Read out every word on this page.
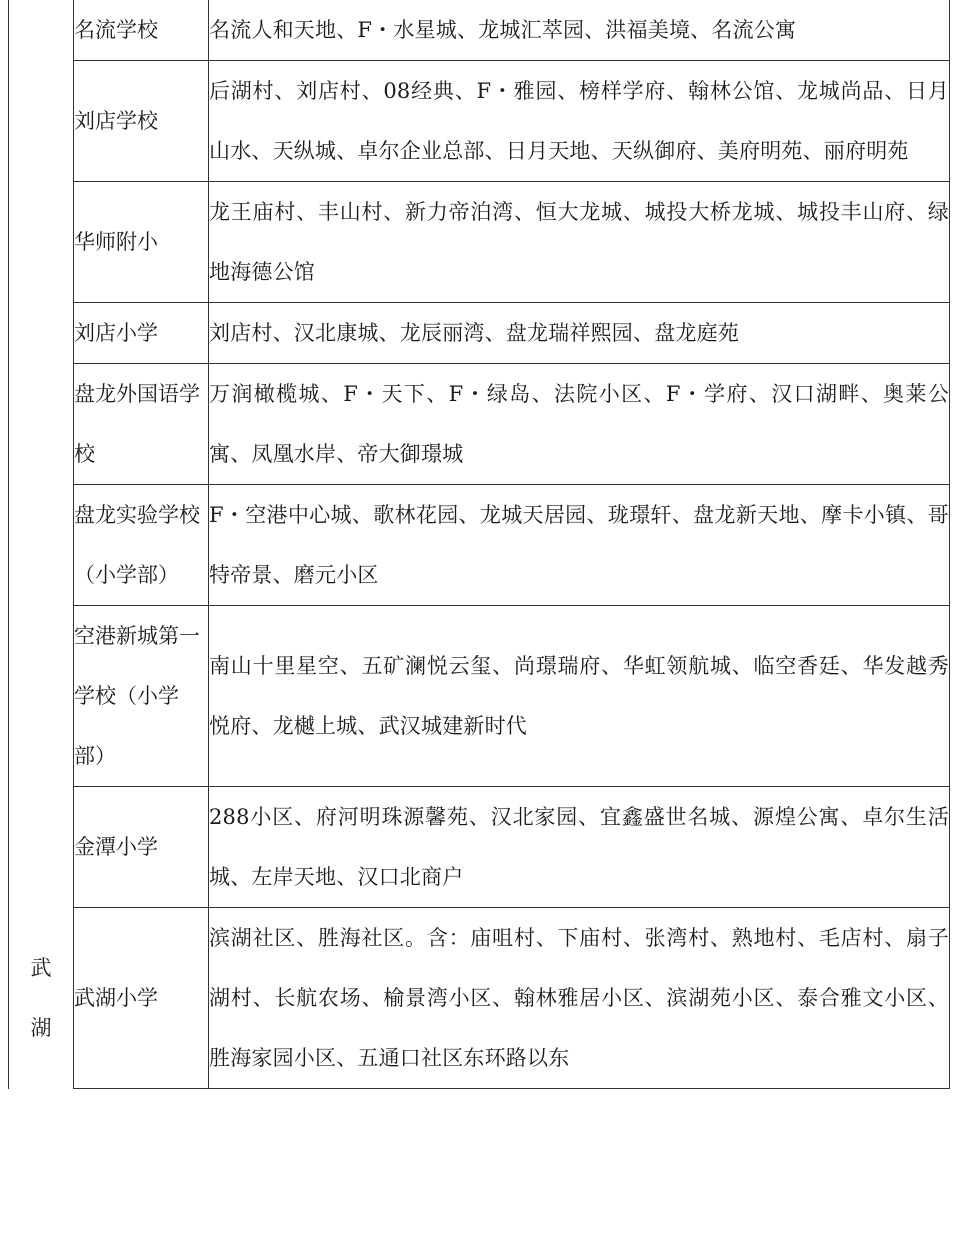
	名流学校	名流人和天地、F・水星城、龙城汇萃园、洪福美境、名流公寓
	刘店学校	后湖村、刘店村、08经典、F・雅园、榜样学府、翰林公馆、龙城尚品、日月山水、天纵城、卓尔企业总部、日月天地、天纵御府、美府明苑、丽府明苑
	华师附小	龙王庙村、丰山村、新力帝泊湾、恒大龙城、城投大桥龙城、城投丰山府、绿地海德公馆
	刘店小学	刘店村、汉北康城、龙辰丽湾、盘龙瑞祥熙园、盘龙庭苑
	盘龙外国语学校	万润橄榄城、F・天下、F・绿岛、法院小区、F・学府、汉口湖畔、奥莱公寓、凤凰水岸、帝大御璟城
	盘龙实验学校（小学部）	F・空港中心城、歌林花园、龙城天居园、珑璟轩、盘龙新天地、摩卡小镇、哥特帝景、磨元小区
	空港新城第一学校（小学部）	南山十里星空、五矿澜悦云玺、尚璟瑞府、华虹领航城、临空香廷、华发越秀悦府、龙樾上城、武汉城建新时代
	金潭小学	288小区、府河明珠源馨苑、汉北家园、宜鑫盛世名城、源煌公寓、卓尔生活城、左岸天地、汉口北商户

武湖	武湖小学	滨湖社区、胜海社区。含：庙咀村、下庙村、张湾村、熟地村、毛店村、扇子湖村、长航农场、榆景湾小区、翰林雅居小区、滨湖苑小区、泰合雅文小区、胜海家园小区、五通口社区东环路以东
